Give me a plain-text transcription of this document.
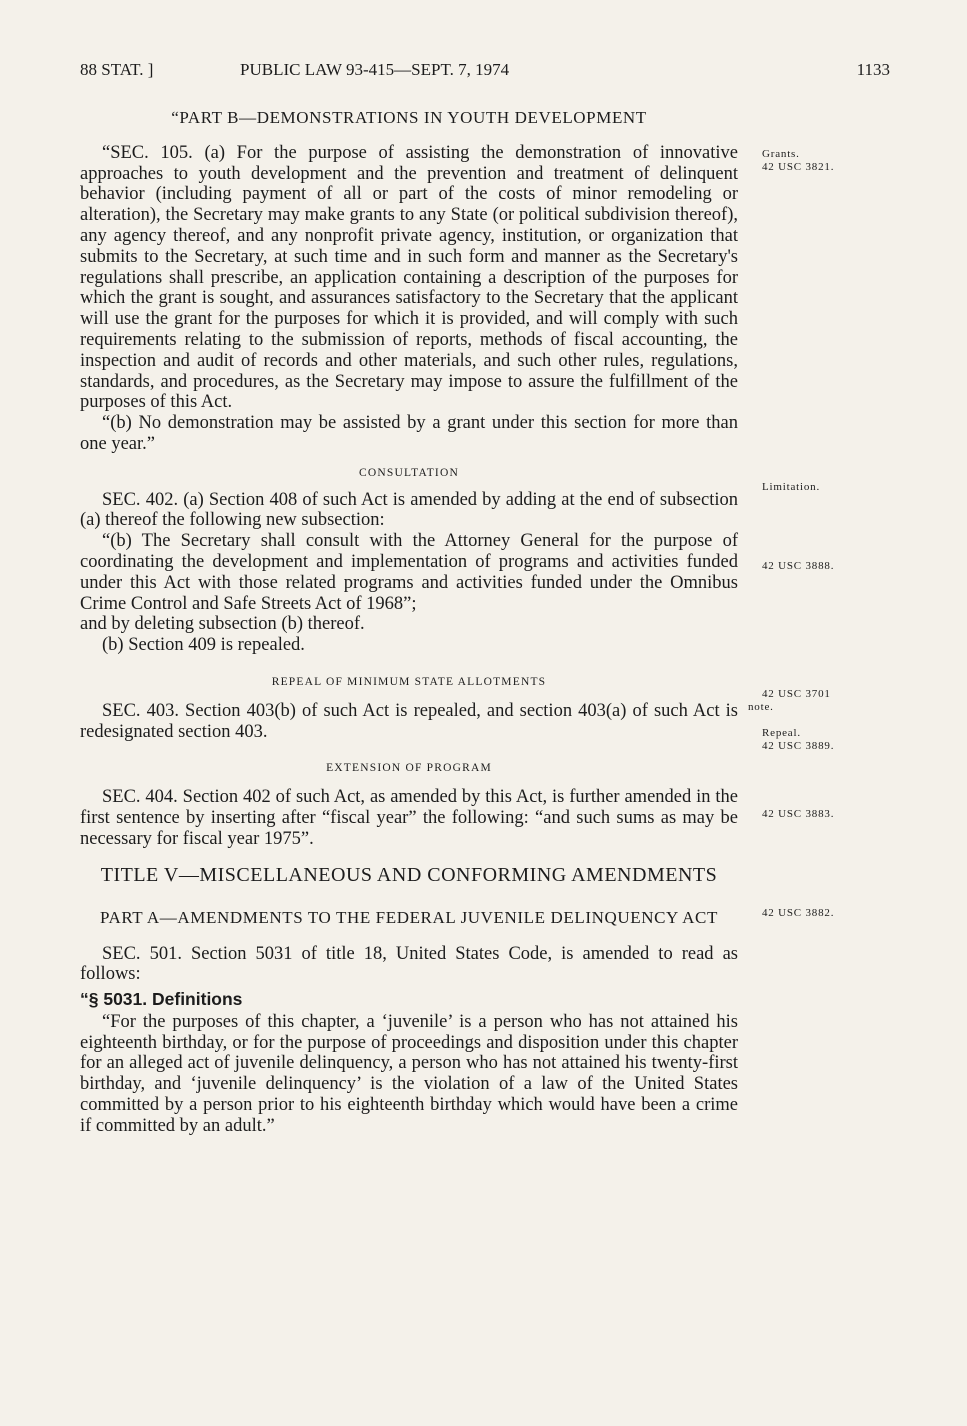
88 STAT. ]	PUBLIC LAW 93-415—SEPT. 7, 1974	1133
“PART B—DEMONSTRATIONS IN YOUTH DEVELOPMENT

“SEC. 105. (a) For the purpose of assisting the demonstration of innovative approaches to youth development and the prevention and treatment of delinquent behavior (including payment of all or part of the costs of minor remodeling or alteration), the Secretary may make grants to any State (or political subdivision thereof), any agency thereof, and any nonprofit private agency, institution, or organization that submits to the Secretary, at such time and in such form and manner as the Secretary's regulations shall prescribe, an application containing a description of the purposes for which the grant is sought, and assurances satisfactory to the Secretary that the applicant will use the grant for the purposes for which it is provided, and will comply with such requirements relating to the submission of reports, methods of fiscal accounting, the inspection and audit of records and other materials, and such other rules, regulations, standards, and procedures, as the Secretary may impose to assure the fulfillment of the purposes of this Act.

“(b) No demonstration may be assisted by a grant under this section for more than one year.”

CONSULTATION

SEC. 402. (a) Section 408 of such Act is amended by adding at the end of subsection (a) thereof the following new subsection:

“(b) The Secretary shall consult with the Attorney General for the purpose of coordinating the development and implementation of programs and activities funded under this Act with those related programs and activities funded under the Omnibus Crime Control and Safe Streets Act of 1968”;

and by deleting subsection (b) thereof.

(b) Section 409 is repealed.

REPEAL OF MINIMUM STATE ALLOTMENTS

SEC. 403. Section 403(b) of such Act is repealed, and section 403(a) of such Act is redesignated section 403.

EXTENSION OF PROGRAM

SEC. 404. Section 402 of such Act, as amended by this Act, is further amended in the first sentence by inserting after “fiscal year” the following: “and such sums as may be necessary for fiscal year 1975”.

TITLE V—MISCELLANEOUS AND CONFORMING AMENDMENTS
PART A—AMENDMENTS TO THE FEDERAL JUVENILE DELINQUENCY ACT

SEC. 501. Section 5031 of title 18, United States Code, is amended to read as follows:

“§ 5031. Definitions

“For the purposes of this chapter, a ‘juvenile’ is a person who has not attained his eighteenth birthday, or for the purpose of proceedings and disposition under this chapter for an alleged act of juvenile delinquency, a person who has not attained his twenty-first birthday, and ‘juvenile delinquency’ is the violation of a law of the United States committed by a person prior to his eighteenth birthday which would have been a crime if committed by an adult.”

Grants.
42 USC 3821.
Limitation.
42 USC 3888.
42 USC 3701
note.
Repeal.
42 USC 3889.
42 USC 3883.
42 USC 3882.
